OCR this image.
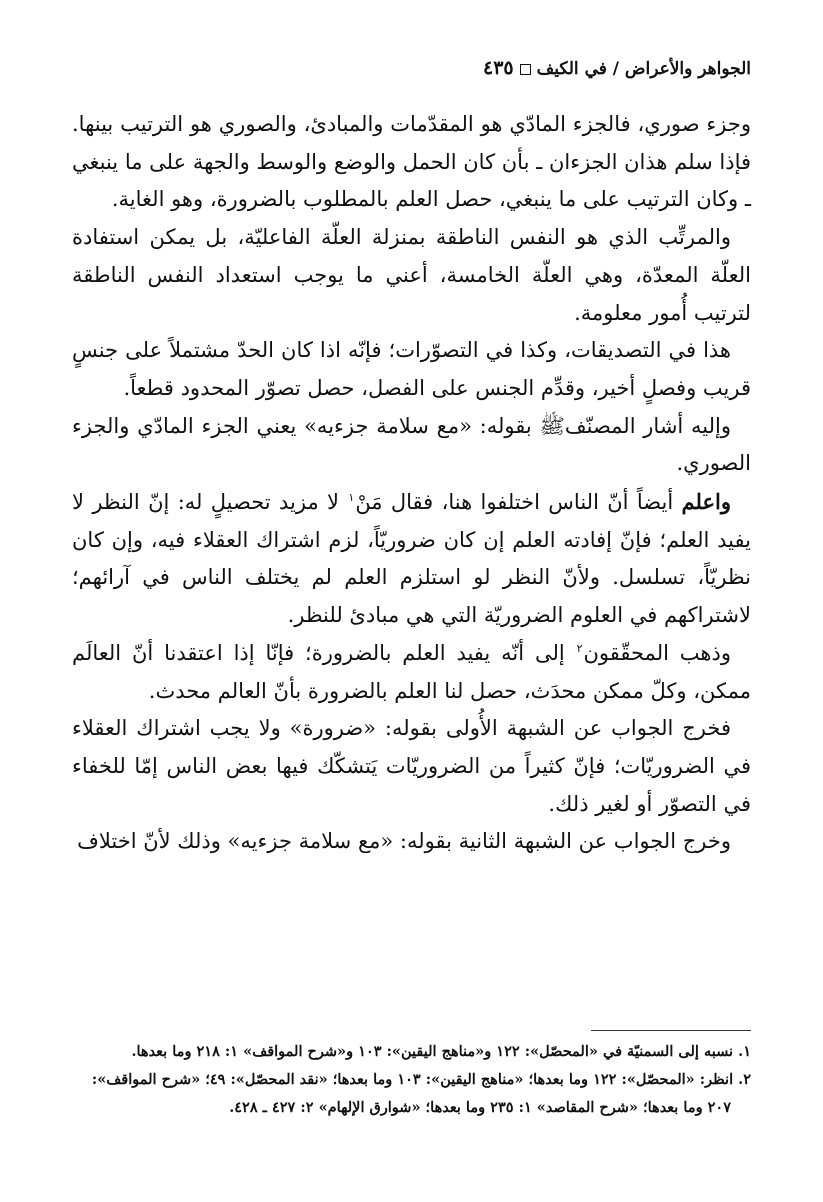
الجواهر والأعراض / في الكيف٤٣٥

وجزء صوري، فالجزء المادّي هو المقدّمات والمبادئ، والصوري هو الترتيب بينها. فإذا سلم هذان الجزءان ـ بأن كان الحمل والوضع والوسط والجهة على ما ينبغي ـ وكان الترتيب على ما ينبغي، حصل العلم بالمطلوب بالضرورة، وهو الغاية.

والمرتِّب الذي هو النفس الناطقة بمنزلة العلّة الفاعليّة، بل يمكن استفادة العلّة المعدّة، وهي العلّة الخامسة، أعني ما يوجب استعداد النفس الناطقة لترتيب أُمور معلومة.

هذا في التصديقات، وكذا في التصوّرات؛ فإنّه اذا كان الحدّ مشتملاً على جنسٍ قريب وفصلٍ أخير، وقدِّم الجنس على الفصل، حصل تصوّر المحدود قطعاً.

وإليه أشار المصنّفﷺ بقوله: «مع سلامة جزءيه» يعني الجزء المادّي والجزء الصوري.

واعلم أيضاً أنّ الناس اختلفوا هنا، فقال مَنْ$^١$ لا مزيد تحصيلٍ له: إنّ النظر لا يفيد العلم؛ فإنّ إفادته العلم إن كان ضروريّاً، لزم اشتراك العقلاء فيه، وإن كان نظريّاً، تسلسل. ولأنّ النظر لو استلزم العلم لم يختلف الناس في آرائهم؛ لاشتراكهم في العلوم الضروريّة التي هي مبادئ للنظر.

وذهب المحقّقون$^٢$ إلى أنّه يفيد العلم بالضرورة؛ فإنّا إذا اعتقدنا أنّ العالَم ممكن، وكلّ ممكن محدَث، حصل لنا العلم بالضرورة بأنّ العالم محدث.

فخرج الجواب عن الشبهة الأُولى بقوله: «ضرورة» ولا يجب اشتراك العقلاء في الضروريّات؛ فإنّ كثيراً من الضروريّات يَتشكّك فيها بعض الناس إمّا للخفاء في التصوّر أو لغير ذلك.

وخرج الجواب عن الشبهة الثانية بقوله: «مع سلامة جزءيه» وذلك لأنّ اختلاف

١. نسبه إلى السمنيّة في «المحصّل»: ١٢٢ و«مناهج اليقين»: ١٠٣ و«شرح المواقف» ١: ٢١٨ وما بعدها.

٢. انظر: «المحصّل»: ١٢٢ وما بعدها؛ «مناهج اليقين»: ١٠٣ وما بعدها؛ «نقد المحصّل»: ٤٩؛ «شرح المواقف»:

٢٠٧ وما بعدها؛ «شرح المقاصد» ١: ٢٣٥ وما بعدها؛ «شوارق الإلهام» ٢: ٤٢٧ ـ ٤٢٨.
